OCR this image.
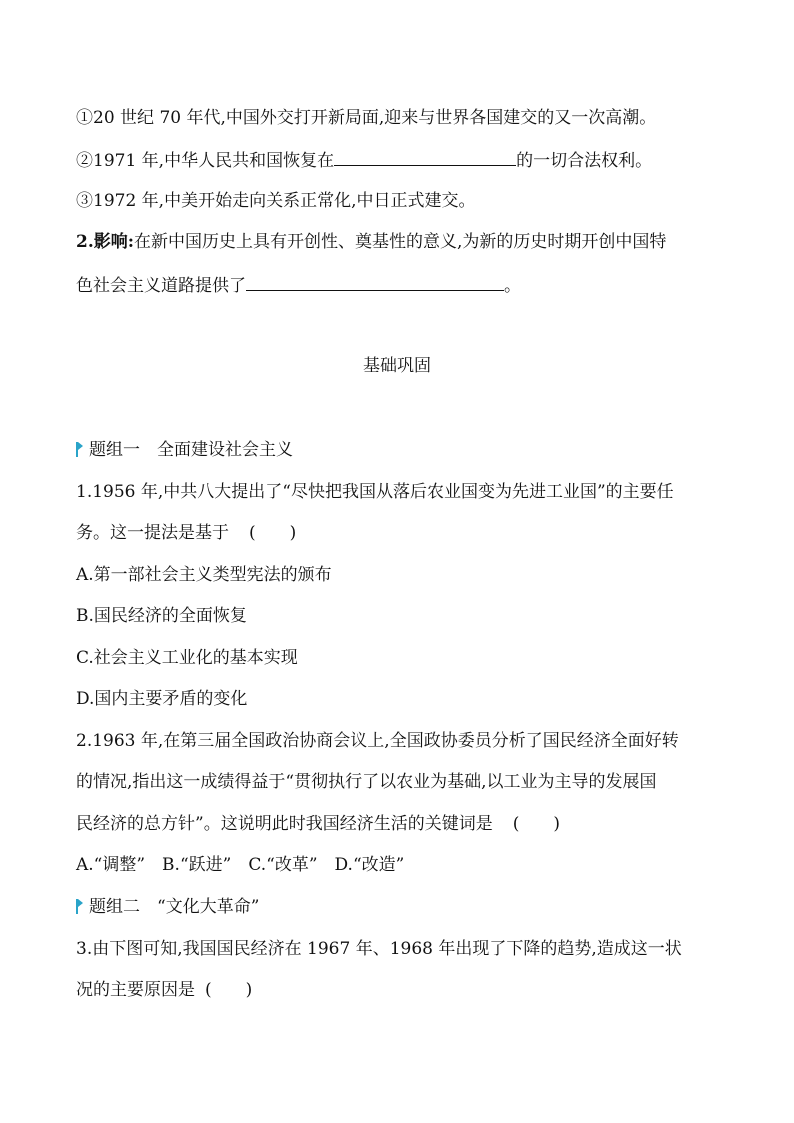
①20 世纪 70 年代,中国外交打开新局面,迎来与世界各国建交的又一次高潮。
②1971 年,中华人民共和国恢复在	的一切合法权利。
③1972 年,中美开始走向关系正常化,中日正式建交。
2.影响:在新中国历史上具有开创性、奠基性的意义,为新的历史时期开创中国特
色社会主义道路提供了	。
基础巩固
题组一　全面建设社会主义
1.1956 年,中共八大提出了“尽快把我国从落后农业国变为先进工业国”的主要任
务。这一提法是基于 (　　)
A.第一部社会主义类型宪法的颁布
B.国民经济的全面恢复
C.社会主义工业化的基本实现
D.国内主要矛盾的变化
2.1963 年,在第三届全国政治协商会议上,全国政协委员分析了国民经济全面好转
的情况,指出这一成绩得益于“贯彻执行了以农业为基础,以工业为主导的发展国
民经济的总方针”。这说明此时我国经济生活的关键词是 (　　)
A.“调整”　B.“跃进”　C.“改革”　D.“改造”
题组二　“文化大革命”
3.由下图可知,我国国民经济在 1967 年、1968 年出现了下降的趋势,造成这一状
况的主要原因是 (　　)
